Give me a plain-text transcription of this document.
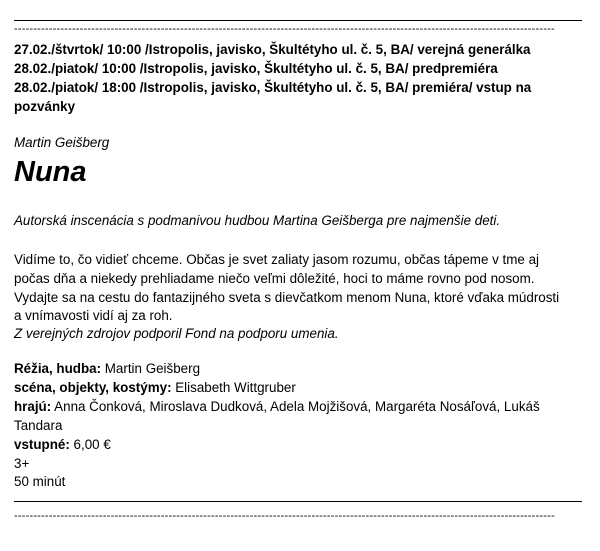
--------------------------------------------------------------------------------------------------------------------------------------------
27.02./štvrtok/ 10:00 /Istropolis, javisko, Škultétyho ul. č. 5, BA/ verejná generálka
28.02./piatok/ 10:00 /Istropolis, javisko, Škultétyho ul. č. 5, BA/ predpremiéra
28.02./piatok/ 18:00 /Istropolis, javisko, Škultétyho ul. č. 5, BA/ premiéra/ vstup na
pozvánky
Martin Geišberg
Nuna
Autorská inscenácia s podmanivou hudbou Martina Geišberga pre najmenšie deti.
Vidíme to, čo vidieť chceme. Občas je svet zaliaty jasom rozumu, občas tápeme v tme aj
počas dňa a niekedy prehliadame niečo veľmi dôležité, hoci to máme rovno pod nosom.
Vydajte sa na cestu do fantazijného sveta s dievčatkom menom Nuna, ktoré vďaka múdrosti
a vnímavosti vidí aj za roh.
Z verejných zdrojov podporil Fond na podporu umenia.
Réžia, hudba: Martin Geišberg
scéna, objekty, kostýmy: Elisabeth Wittgruber
hrajú: Anna Čonková, Miroslava Dudková, Adela Mojžišová, Margaréta Nosáľová, Lukáš
Tandara
vstupné: 6,00 €
3+
50 minút
--------------------------------------------------------------------------------------------------------------------------------------------
